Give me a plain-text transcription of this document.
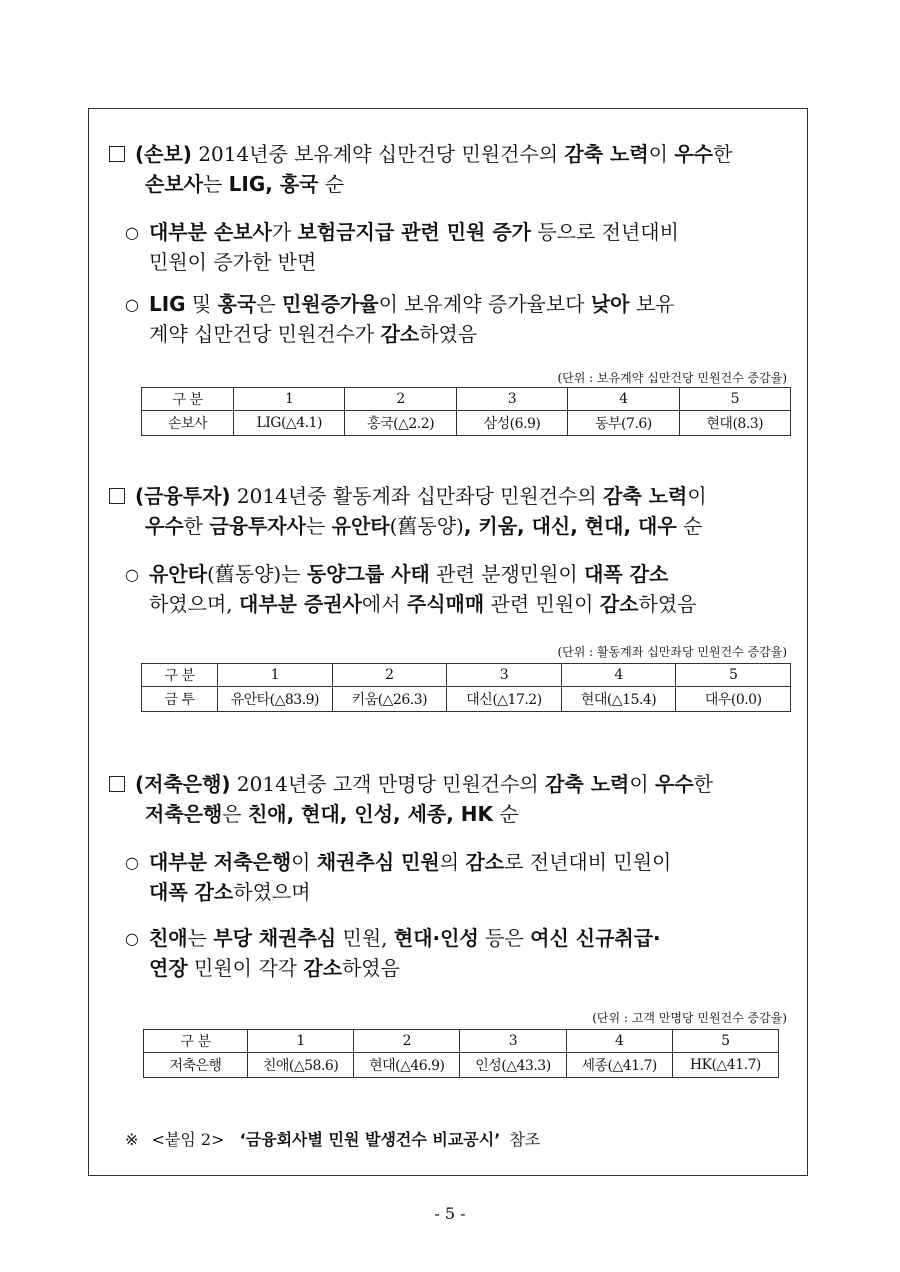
(손보) 2014년중 보유계약 십만건당 민원건수의 감축 노력이 우수한
손보사는 LIG, 홍국 순
○ 대부분 손보사가 보험금지급 관련 민원 증가 등으로 전년대비
민원이 증가한 반면
○ LIG 및 홍국은 민원증가율이 보유계약 증가율보다 낮아 보유
계약 십만건당 민원건수가 감소하였음
(단위 : 보유계약 십만건당 민원건수 증감율)
구 분	1	2	3	4	5
손보사	LIG(△4.1)	홍국(△2.2)	삼성(6.9)	동부(7.6)	현대(8.3)
(금융투자) 2014년중 활동계좌 십만좌당 민원건수의 감축 노력이
우수한 금융투자사는 유안타(舊동양), 키움, 대신, 현대, 대우 순
○ 유안타(舊동양)는 동양그룹 사태 관련 분쟁민원이 대폭 감소
하였으며, 대부분 증권사에서 주식매매 관련 민원이 감소하였음
(단위 : 활동계좌 십만좌당 민원건수 증감율)
구 분	1	2	3	4	5
금 투	유안타(△83.9)	키움(△26.3)	대신(△17.2)	현대(△15.4)	대우(0.0)
(저축은행) 2014년중 고객 만명당 민원건수의 감축 노력이 우수한
저축은행은 친애, 현대, 인성, 세종, HK 순
○ 대부분 저축은행이 채권추심 민원의 감소로 전년대비 민원이
대폭 감소하였으며
○ 친애는 부당 채권추심 민원, 현대·인성 등은 여신 신규취급·
연장 민원이 각각 감소하였음
(단위 : 고객 만명당 민원건수 증감율)
구 분	1	2	3	4	5
저축은행	친애(△58.6)	현대(△46.9)	인성(△43.3)	세종(△41.7)	HK(△41.7)
※ <붙임 2> ‘금융회사별 민원 발생건수 비교공시’ 참조
- 5 -
